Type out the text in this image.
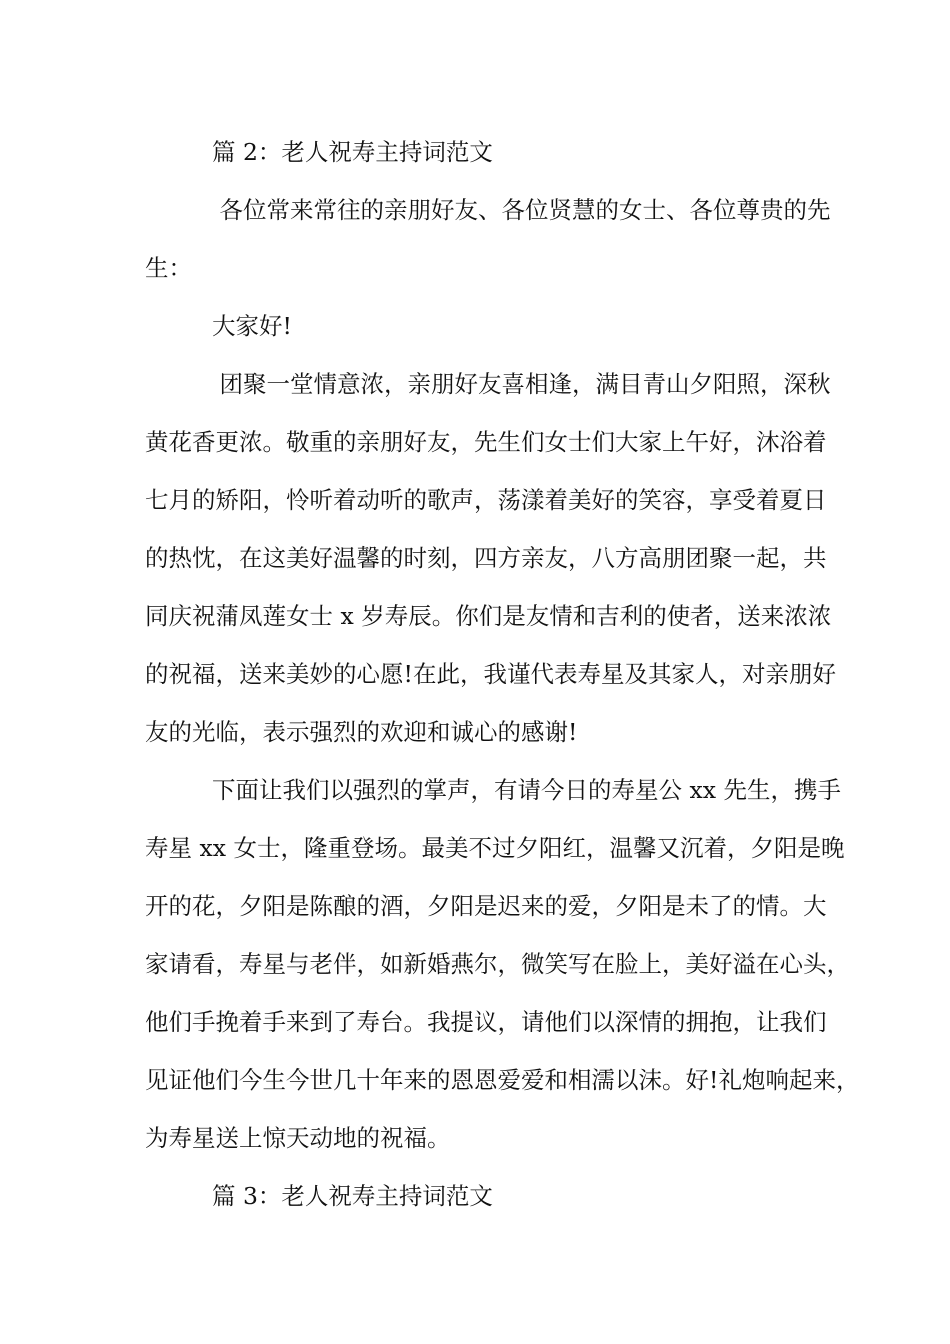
篇 2：老人祝寿主持词范文
各位常来常往的亲朋好友、各位贤慧的女士、各位尊贵的先
生：
大家好!
团聚一堂情意浓，亲朋好友喜相逢，满目青山夕阳照，深秋
黄花香更浓。敬重的亲朋好友，先生们女士们大家上午好，沐浴着
七月的矫阳，怜听着动听的歌声，荡漾着美好的笑容，享受着夏日
的热忱，在这美好温馨的时刻，四方亲友，八方高朋团聚一起，共
同庆祝蒲凤莲女士 x 岁寿辰。你们是友情和吉利的使者，送来浓浓
的祝福，送来美妙的心愿!在此，我谨代表寿星及其家人，对亲朋好
友的光临，表示强烈的欢迎和诚心的感谢!
下面让我们以强烈的掌声，有请今日的寿星公 xx 先生，携手
寿星 xx 女士，隆重登场。最美不过夕阳红，温馨又沉着，夕阳是晚
开的花，夕阳是陈酿的酒，夕阳是迟来的爱，夕阳是未了的情。大
家请看，寿星与老伴，如新婚燕尔，微笑写在脸上，美好溢在心头，
他们手挽着手来到了寿台。我提议，请他们以深情的拥抱，让我们
见证他们今生今世几十年来的恩恩爱爱和相濡以沫。好!礼炮响起来，
为寿星送上惊天动地的祝福。
篇 3：老人祝寿主持词范文
